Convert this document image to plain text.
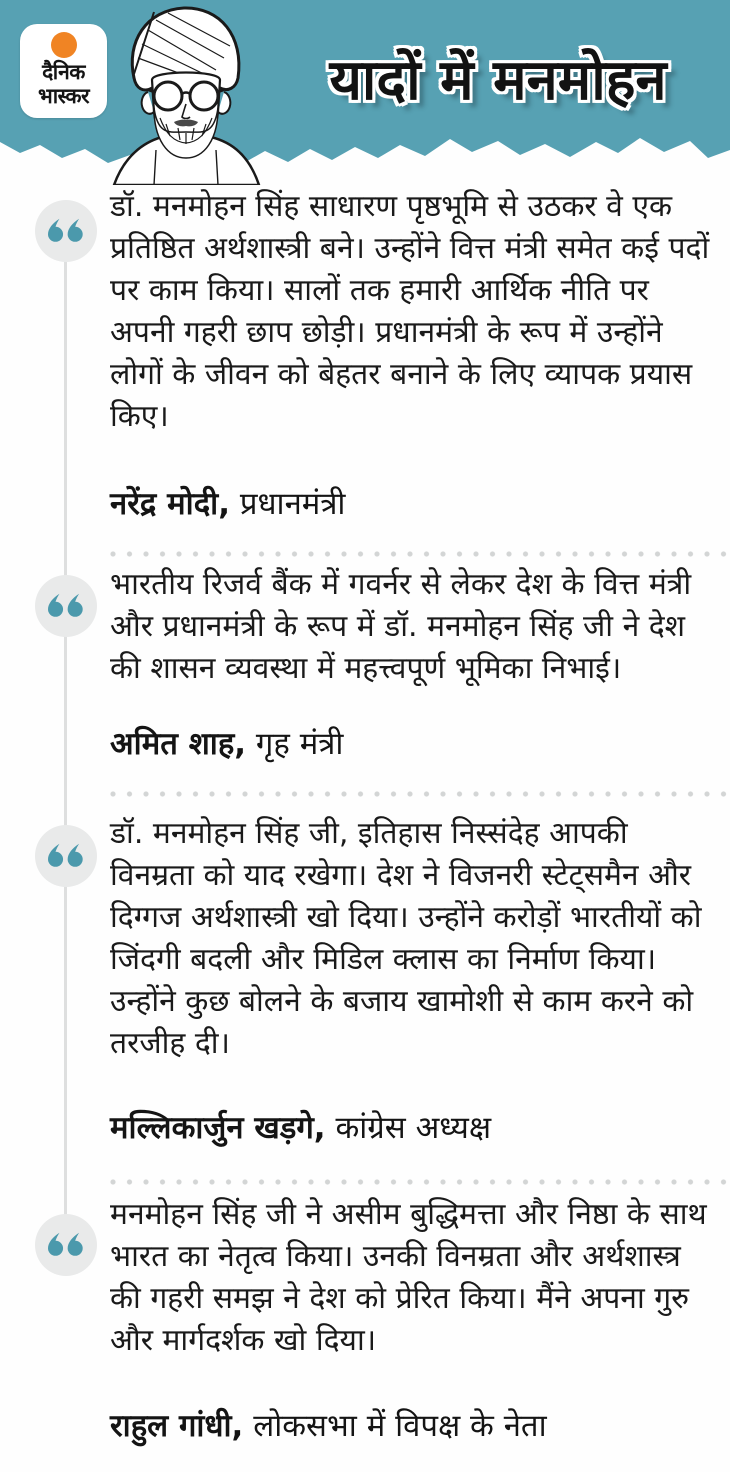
दैनिक
भास्कर	यादों में मनमोहन

डॉ. मनमोहन सिंह साधारण पृष्ठभूमि से उठकर वे एक प्रतिष्ठित अर्थशास्त्री बने। उन्होंने वित्त मंत्री समेत कई पदों पर काम किया। सालों तक हमारी आर्थिक नीति पर अपनी गहरी छाप छोड़ी। प्रधानमंत्री के रूप में उन्होंने लोगों के जीवन को बेहतर बनाने के लिए व्यापक प्रयास किए।

नरेंद्र मोदी, प्रधानमंत्री

भारतीय रिजर्व बैंक में गवर्नर से लेकर देश के वित्त मंत्री और प्रधानमंत्री के रूप में डॉ. मनमोहन सिंह जी ने देश की शासन व्यवस्था में महत्त्वपूर्ण भूमिका निभाई।

अमित शाह, गृह मंत्री

डॉ. मनमोहन सिंह जी, इतिहास निस्संदेह आपकी विनम्रता को याद रखेगा। देश ने विजनरी स्टेट्समैन और दिग्गज अर्थशास्त्री खो दिया। उन्होंने करोड़ों भारतीयों को जिंदगी बदली और मिडिल क्लास का निर्माण किया। उन्होंने कुछ बोलने के बजाय खामोशी से काम करने को तरजीह दी।

मल्लिकार्जुन खड़गे, कांग्रेस अध्यक्ष

मनमोहन सिंह जी ने असीम बुद्धिमत्ता और निष्ठा के साथ भारत का नेतृत्व किया। उनकी विनम्रता और अर्थशास्त्र की गहरी समझ ने देश को प्रेरित किया। मैंने अपना गुरु और मार्गदर्शक खो दिया।

राहुल गांधी, लोकसभा में विपक्ष के नेता
